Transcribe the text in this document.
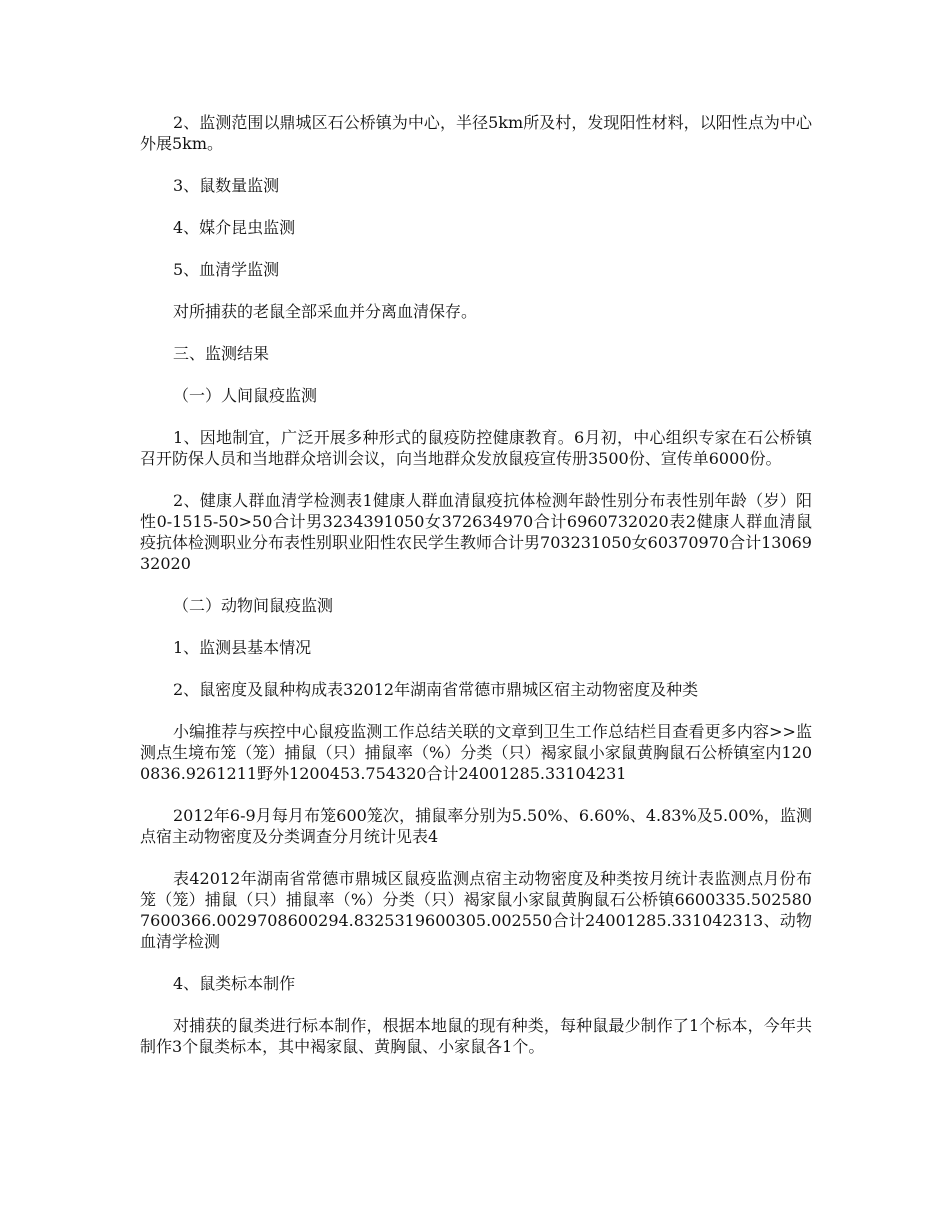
2、监测范围以鼎城区石公桥镇为中心，半径5km所及村，发现阳性材料，以阳性点为中心外展5km。

3、鼠数量监测

4、媒介昆虫监测

5、血清学监测

对所捕获的老鼠全部采血并分离血清保存。

三、监测结果

（一）人间鼠疫监测

1、因地制宜，广泛开展多种形式的鼠疫防控健康教育。6月初，中心组织专家在石公桥镇召开防保人员和当地群众培训会议，向当地群众发放鼠疫宣传册3500份、宣传单6000份。

2、健康人群血清学检测表1健康人群血清鼠疫抗体检测年龄性别分布表性别年龄（岁）阳性0-1515-50>50合计男3234391050女372634970合计6960732020表2健康人群血清鼠疫抗体检测职业分布表性别职业阳性农民学生教师合计男703231050女60370970合计1306932020

（二）动物间鼠疫监测

1、监测县基本情况

2、鼠密度及鼠种构成表32012年湖南省常德市鼎城区宿主动物密度及种类

小编推荐与疾控中心鼠疫监测工作总结关联的文章到卫生工作总结栏目查看更多内容>>监测点生境布笼（笼）捕鼠（只）捕鼠率（%）分类（只）褐家鼠小家鼠黄胸鼠石公桥镇室内1200836.9261211野外1200453.754320合计24001285.33104231

2012年6-9月每月布笼600笼次，捕鼠率分别为5.50%、6.60%、4.83%及5.00%，监测点宿主动物密度及分类调查分月统计见表4

表42012年湖南省常德市鼎城区鼠疫监测点宿主动物密度及种类按月统计表监测点月份布笼（笼）捕鼠（只）捕鼠率（%）分类（只）褐家鼠小家鼠黄胸鼠石公桥镇6600335.5025807600366.0029708600294.8325319600305.002550合计24001285.331042313、动物血清学检测

4、鼠类标本制作

对捕获的鼠类进行标本制作，根据本地鼠的现有种类，每种鼠最少制作了1个标本，今年共制作3个鼠类标本，其中褐家鼠、黄胸鼠、小家鼠各1个。
